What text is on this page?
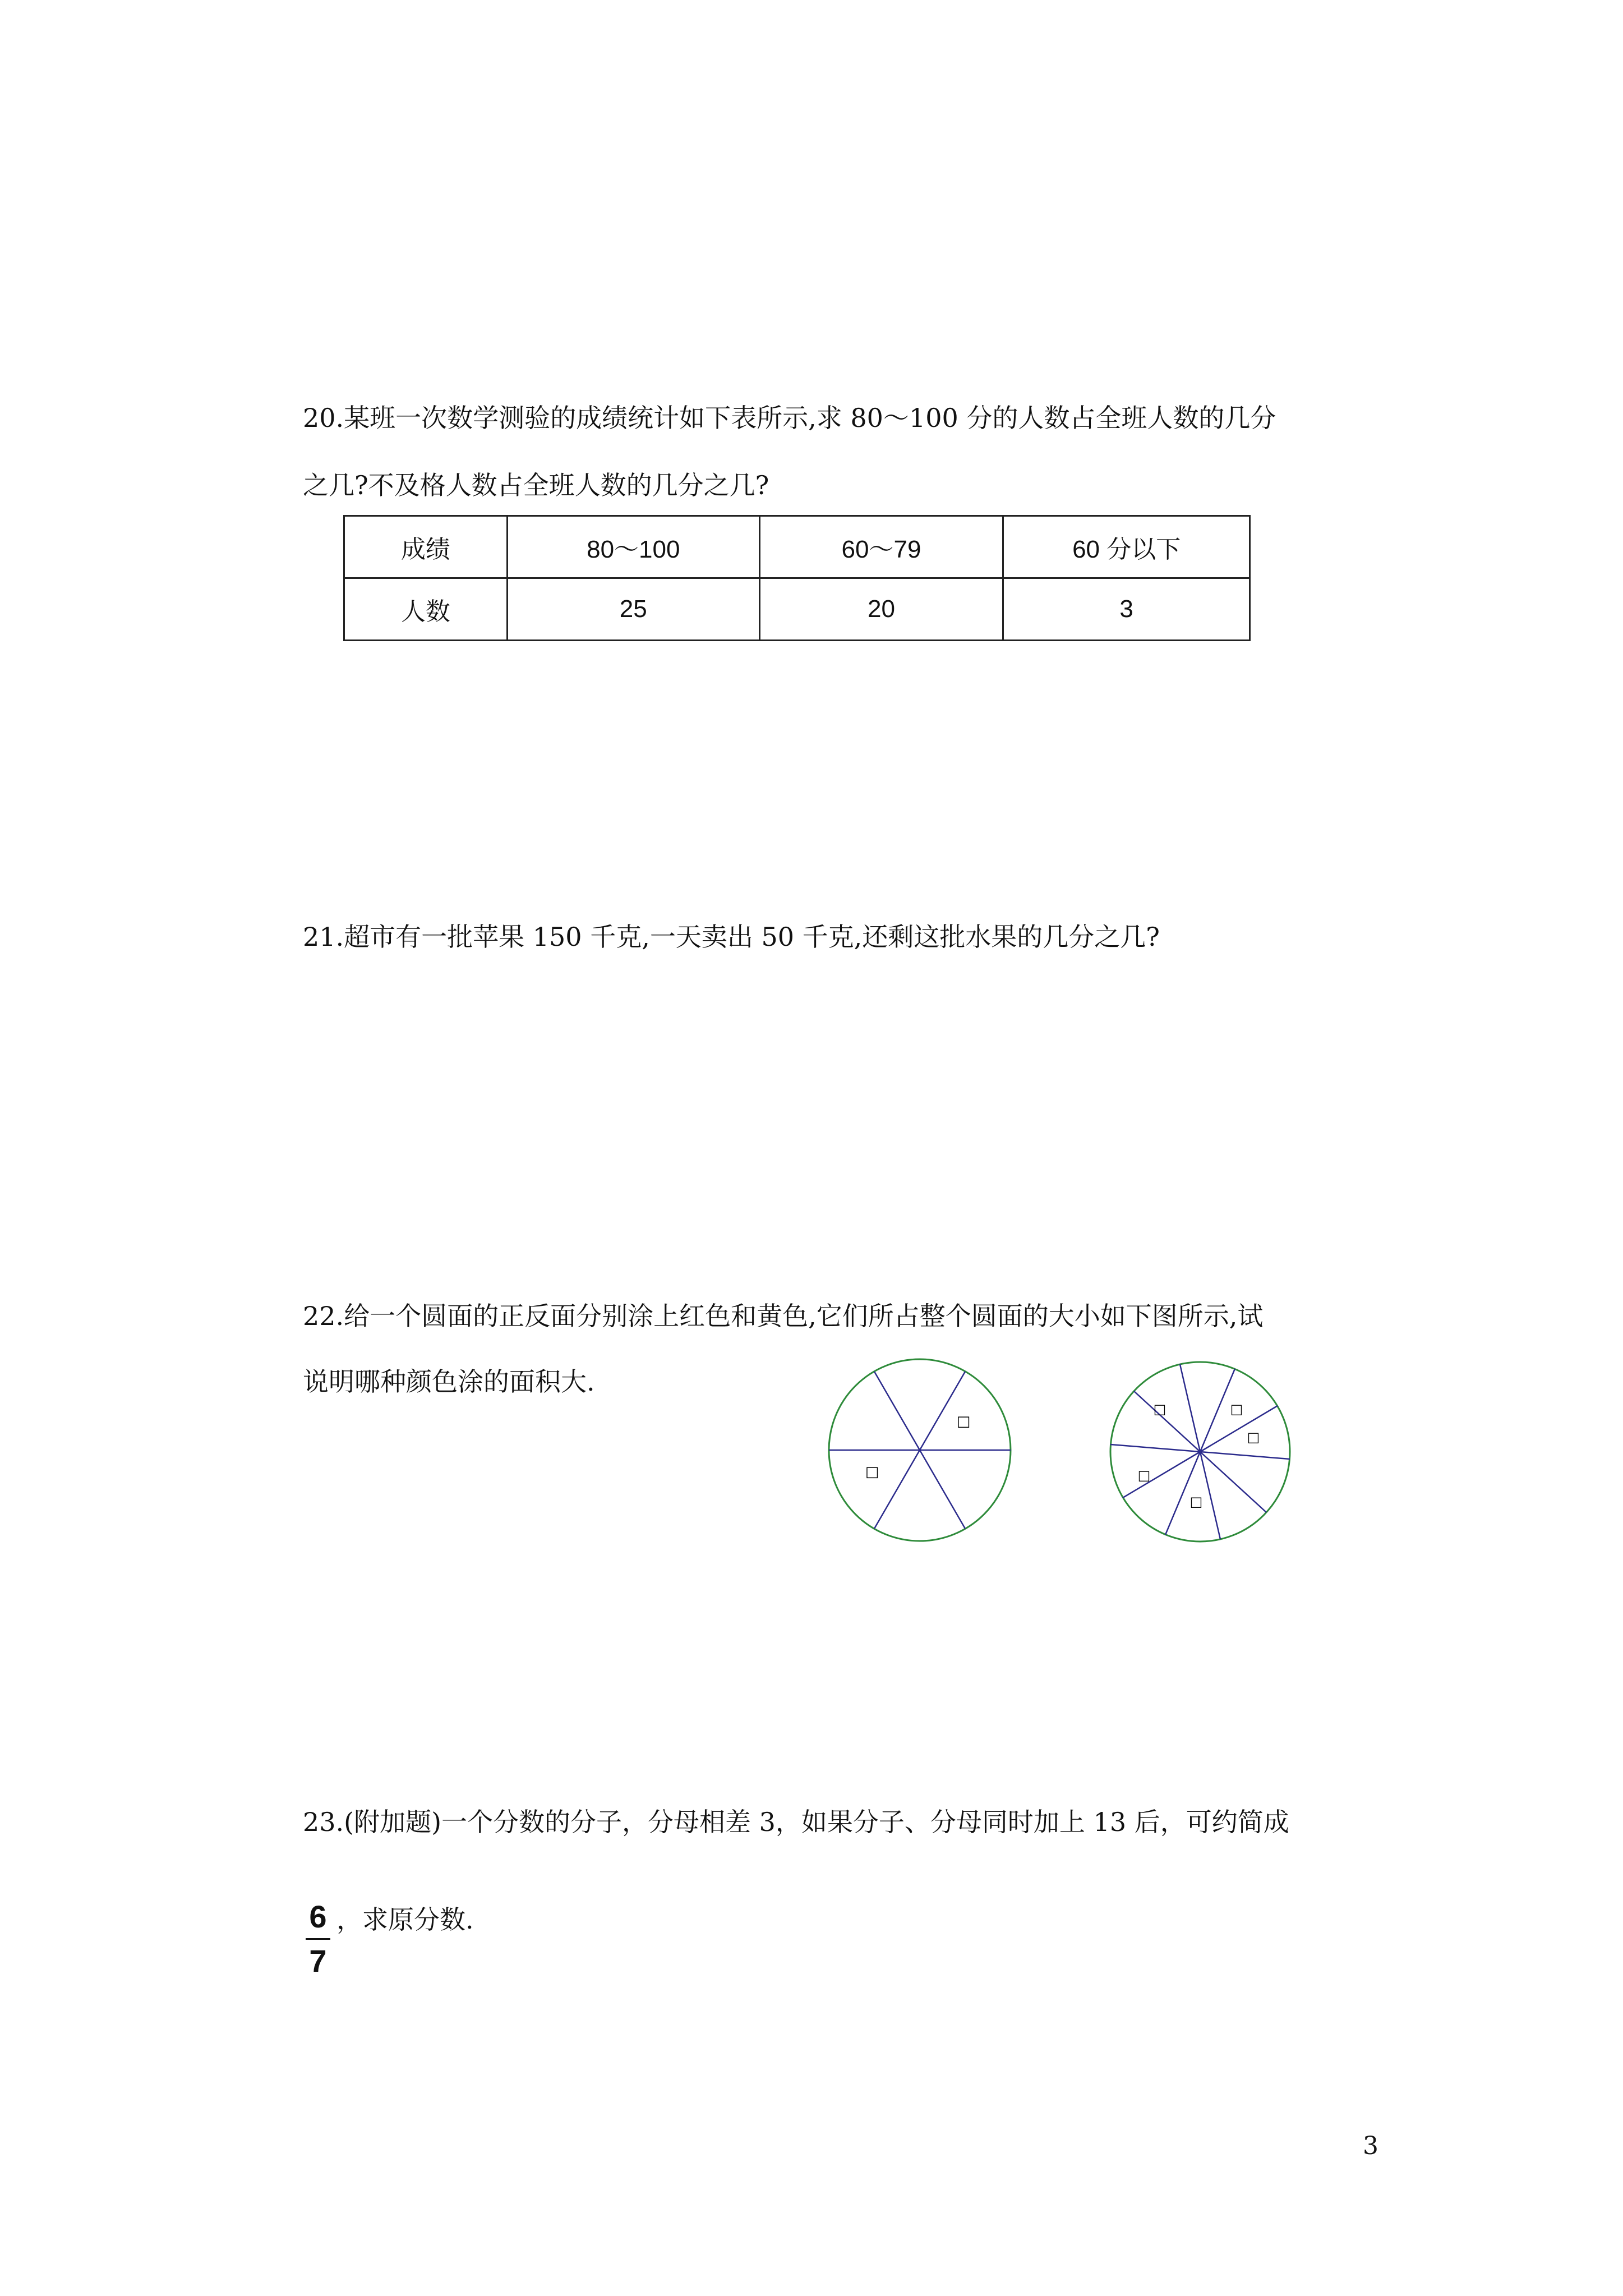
20.某班一次数学测验的成绩统计如下表所示,求 80～100 分的人数占全班人数的几分
之几?不及格人数占全班人数的几分之几?
成绩	80～100	60～79	60 分以下
人数	25	20	3
21.超市有一批苹果 150 千克,一天卖出 50 千克,还剩这批水果的几分之几?
22.给一个圆面的正反面分别涂上红色和黄色,它们所占整个圆面的大小如下图所示,试
说明哪种颜色涂的面积大.
□
□
□	□
□
□
□
23.(附加题)一个分数的分子，分母相差 3，如果分子、分母同时加上 13 后，可约简成
6
7
，求原分数.
3
